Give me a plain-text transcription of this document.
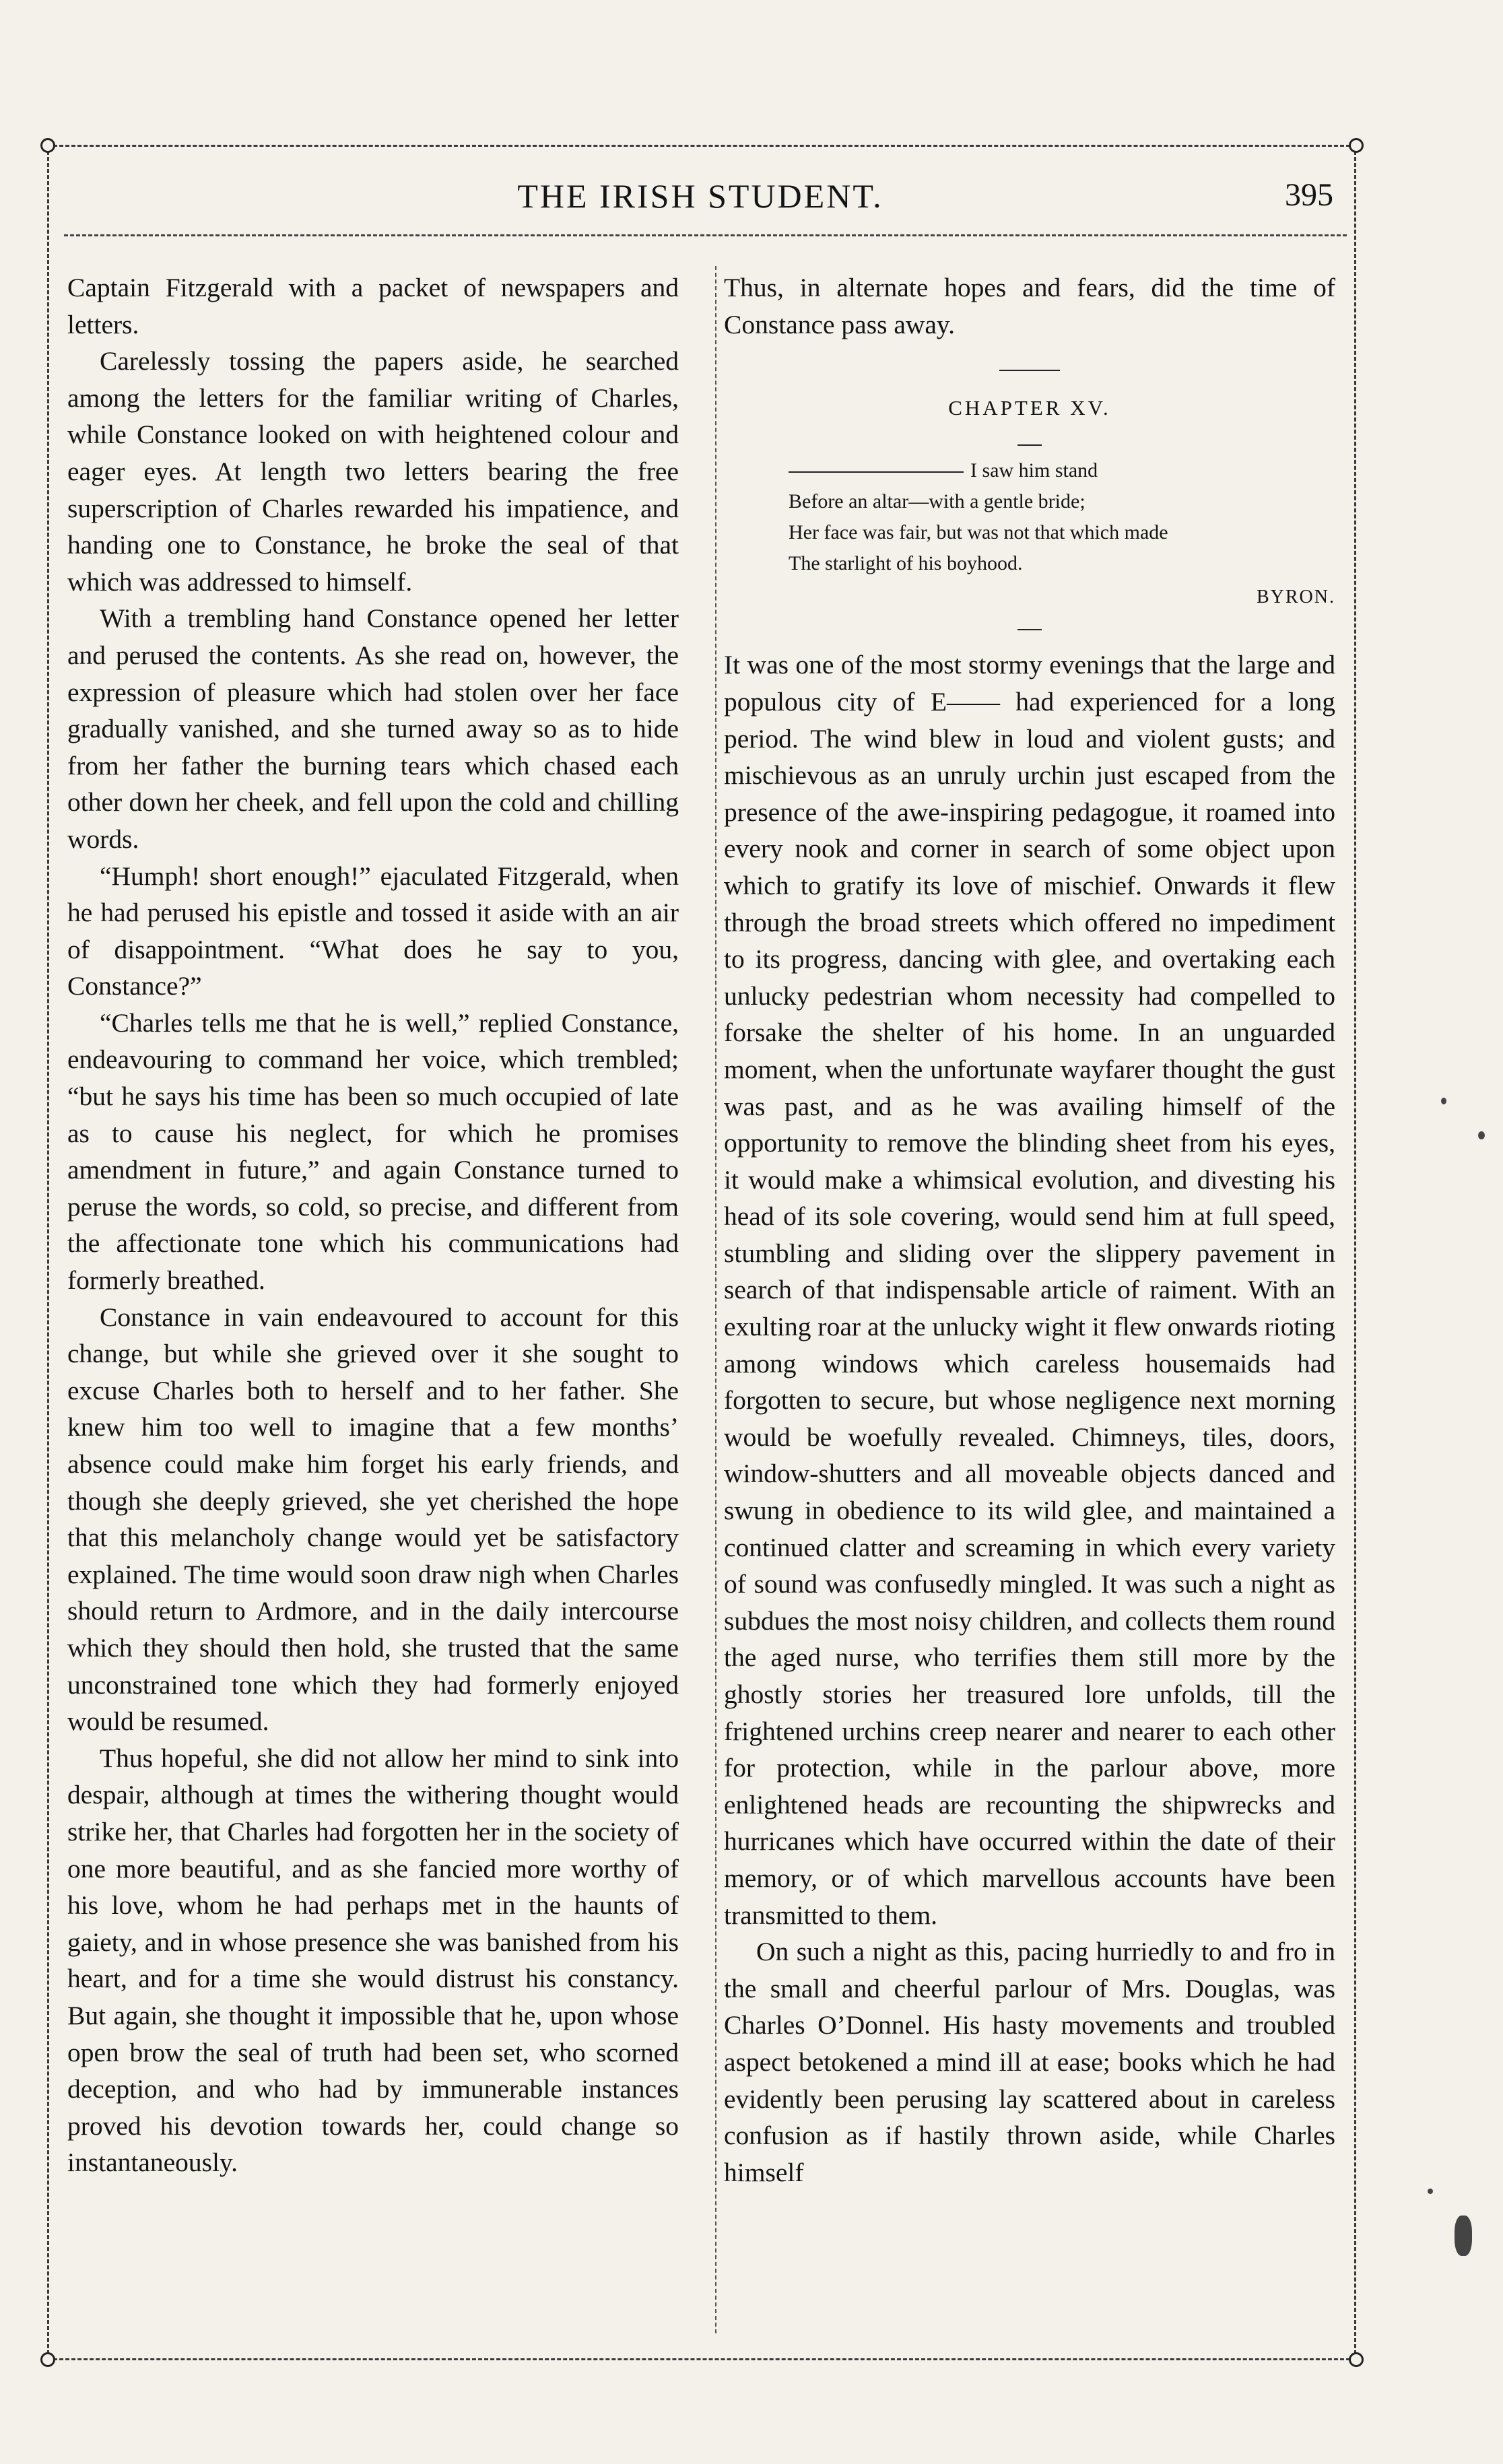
THE IRISH STUDENT.	395

Captain Fitzgerald with a packet of newspapers and letters.

Carelessly tossing the papers aside, he searched among the letters for the familiar writing of Charles, while Constance looked on with heightened colour and eager eyes. At length two letters bearing the free superscription of Charles rewarded his impatience, and handing one to Constance, he broke the seal of that which was addressed to himself.

With a trembling hand Constance opened her letter and perused the contents. As she read on, however, the expression of pleasure which had stolen over her face gradually vanished, and she turned away so as to hide from her father the burning tears which chased each other down her cheek, and fell upon the cold and chilling words.

“Humph! short enough!” ejaculated Fitzgerald, when he had perused his epistle and tossed it aside with an air of disappointment. “What does he say to you, Constance?”

“Charles tells me that he is well,” replied Constance, endeavouring to command her voice, which trembled; “but he says his time has been so much occupied of late as to cause his neglect, for which he promises amendment in future,” and again Constance turned to peruse the words, so cold, so precise, and different from the affectionate tone which his communications had formerly breathed.

Constance in vain endeavoured to account for this change, but while she grieved over it she sought to excuse Charles both to herself and to her father. She knew him too well to imagine that a few months’ absence could make him forget his early friends, and though she deeply grieved, she yet cherished the hope that this melancholy change would yet be satisfactory explained. The time would soon draw nigh when Charles should return to Ardmore, and in the daily intercourse which they should then hold, she trusted that the same unconstrained tone which they had formerly enjoyed would be resumed.

Thus hopeful, she did not allow her mind to sink into despair, although at times the withering thought would strike her, that Charles had forgotten her in the society of one more beautiful, and as she fancied more worthy of his love, whom he had perhaps met in the haunts of gaiety, and in whose presence she was banished from his heart, and for a time she would distrust his constancy. But again, she thought it impossible that he, upon whose open brow the seal of truth had been set, who scorned deception, and who had by immunerable instances proved his devotion towards her, could change so instantaneously.

Thus, in alternate hopes and fears, did the time of Constance pass away.

CHAPTER XV.

I saw him stand
Before an altar—with a gentle bride;
Her face was fair, but was not that which made
The starlight of his boyhood.

BYRON.

It was one of the most stormy evenings that the large and populous city of E—— had experienced for a long period. The wind blew in loud and violent gusts; and mischievous as an unruly urchin just escaped from the presence of the awe-inspiring pedagogue, it roamed into every nook and corner in search of some object upon which to gratify its love of mischief. Onwards it flew through the broad streets which offered no impediment to its progress, dancing with glee, and overtaking each unlucky pedestrian whom necessity had compelled to forsake the shelter of his home. In an unguarded moment, when the unfortunate wayfarer thought the gust was past, and as he was availing himself of the opportunity to remove the blinding sheet from his eyes, it would make a whimsical evolution, and divesting his head of its sole covering, would send him at full speed, stumbling and sliding over the slippery pavement in search of that indispensable article of raiment. With an exulting roar at the unlucky wight it flew onwards rioting among windows which careless housemaids had forgotten to secure, but whose negligence next morning would be woefully revealed. Chimneys, tiles, doors, window-shutters and all moveable objects danced and swung in obedience to its wild glee, and maintained a continued clatter and screaming in which every variety of sound was confusedly mingled. It was such a night as subdues the most noisy children, and collects them round the aged nurse, who terrifies them still more by the ghostly stories her treasured lore unfolds, till the frightened urchins creep nearer and nearer to each other for protection, while in the parlour above, more enlightened heads are recounting the shipwrecks and hurricanes which have occurred within the date of their memory, or of which marvellous accounts have been transmitted to them.

On such a night as this, pacing hurriedly to and fro in the small and cheerful parlour of Mrs. Douglas, was Charles O’Donnel. His hasty movements and troubled aspect betokened a mind ill at ease; books which he had evidently been perusing lay scattered about in careless confusion as if hastily thrown aside, while Charles himself
